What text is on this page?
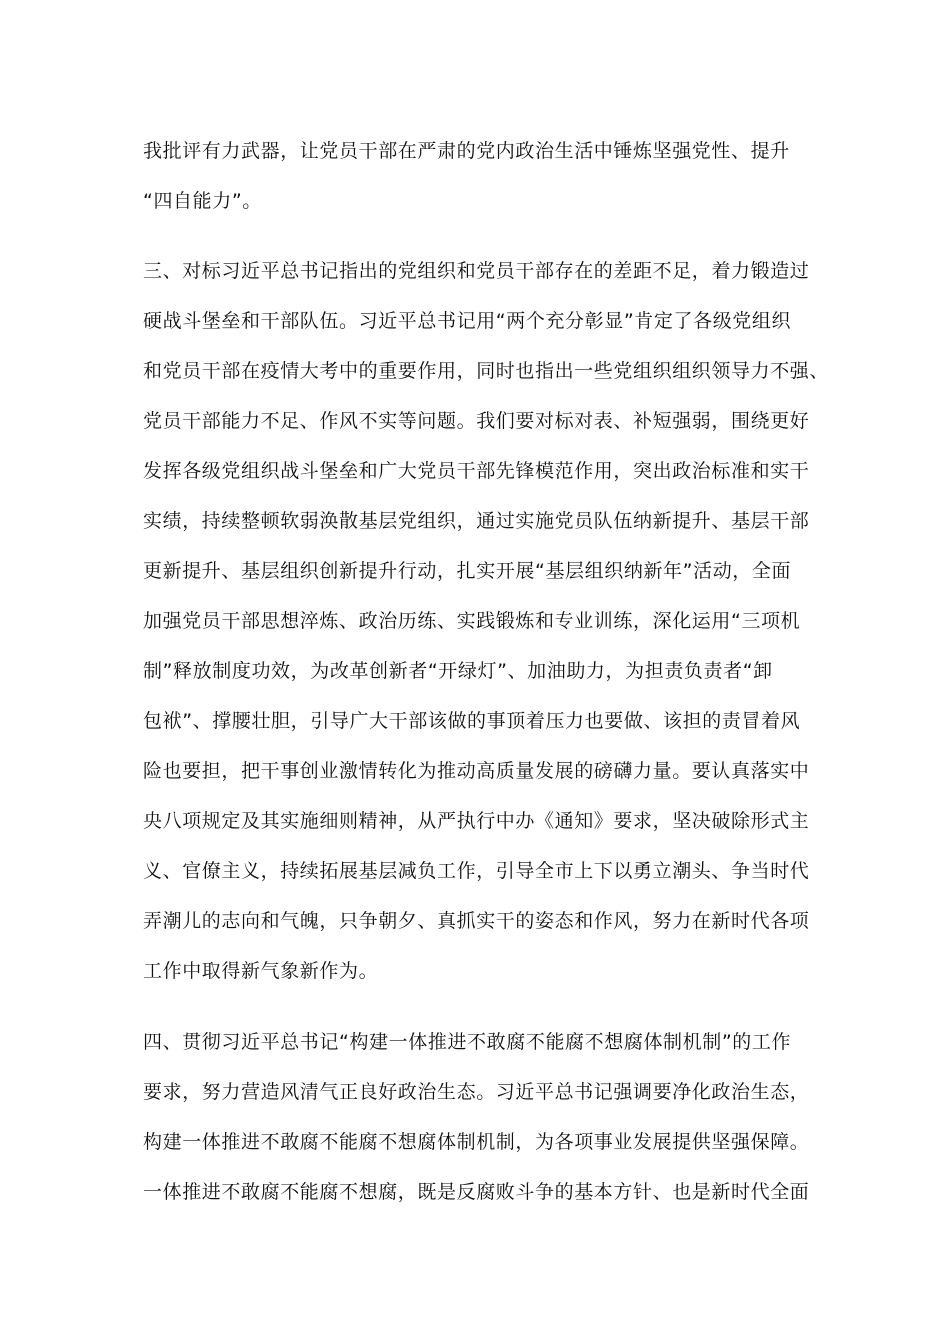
我批评有力武器，让党员干部在严肃的党内政治生活中锤炼坚强党性、提升
“四自能力”。
三、对标习近平总书记指出的党组织和党员干部存在的差距不足，着力锻造过
硬战斗堡垒和干部队伍。习近平总书记用“两个充分彰显”肯定了各级党组织
和党员干部在疫情大考中的重要作用，同时也指出一些党组织组织领导力不强、
党员干部能力不足、作风不实等问题。我们要对标对表、补短强弱，围绕更好
发挥各级党组织战斗堡垒和广大党员干部先锋模范作用，突出政治标准和实干
实绩，持续整顿软弱涣散基层党组织，通过实施党员队伍纳新提升、基层干部
更新提升、基层组织创新提升行动，扎实开展“基层组织纳新年”活动，全面
加强党员干部思想淬炼、政治历练、实践锻炼和专业训练，深化运用“三项机
制”释放制度功效，为改革创新者“开绿灯”、加油助力，为担责负责者“卸
包袱”、撑腰壮胆，引导广大干部该做的事顶着压力也要做、该担的责冒着风
险也要担，把干事创业激情转化为推动高质量发展的磅礴力量。要认真落实中
央八项规定及其实施细则精神，从严执行中办《通知》要求，坚决破除形式主
义、官僚主义，持续拓展基层减负工作，引导全市上下以勇立潮头、争当时代
弄潮儿的志向和气魄，只争朝夕、真抓实干的姿态和作风，努力在新时代各项
工作中取得新气象新作为。
四、贯彻习近平总书记“构建一体推进不敢腐不能腐不想腐体制机制”的工作
要求，努力营造风清气正良好政治生态。习近平总书记强调要净化政治生态，
构建一体推进不敢腐不能腐不想腐体制机制，为各项事业发展提供坚强保障。
一体推进不敢腐不能腐不想腐，既是反腐败斗争的基本方针、也是新时代全面
